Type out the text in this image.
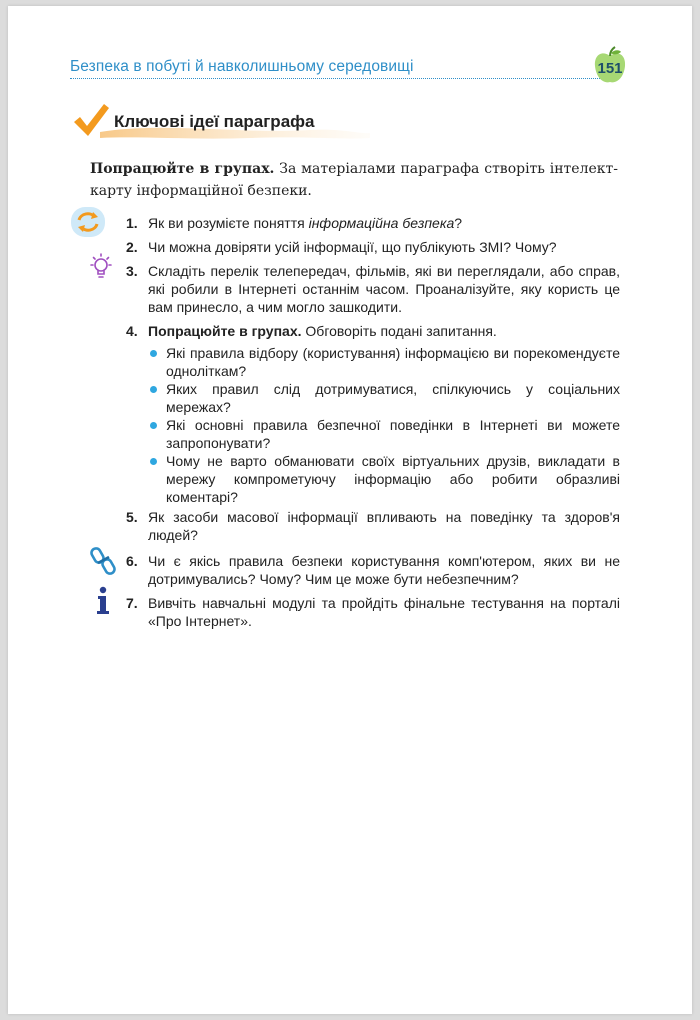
Безпека в побуті й навколишньому середовищі	151
Ключові ідеї параграфа
Попрацюйте в групах. За матеріалами параграфа створіть інтелект-карту інформаційної безпеки.
1. Як ви розумієте поняття інформаційна безпека?
2. Чи можна довіряти усій інформації, що публікують ЗМІ? Чому?
3. Складіть перелік телепередач, фільмів, які ви переглядали, або справ, які робили в Інтернеті останнім часом. Проаналізуйте, яку користь це вам принесло, а чим могло зашкодити.
4. Попрацюйте в групах. Обговоріть подані запитання.
Які правила відбору (користування) інформацією ви порекомендуєте одноліткам?
Яких правил слід дотримуватися, спілкуючись у соціальних мережах?
Які основні правила безпечної поведінки в Інтернеті ви можете запропонувати?
Чому не варто обманювати своїх віртуальних друзів, викладати в мережу компрометуючу інформацію або робити образливі коментарі?
5. Як засоби масової інформації впливають на поведінку та здоров'я людей?
6. Чи є якісь правила безпеки користування комп'ютером, яких ви не дотримувались? Чому? Чим це може бути небезпечним?
7. Вивчіть навчальні модулі та пройдіть фінальне тестування на порталі «Про Інтернет».
